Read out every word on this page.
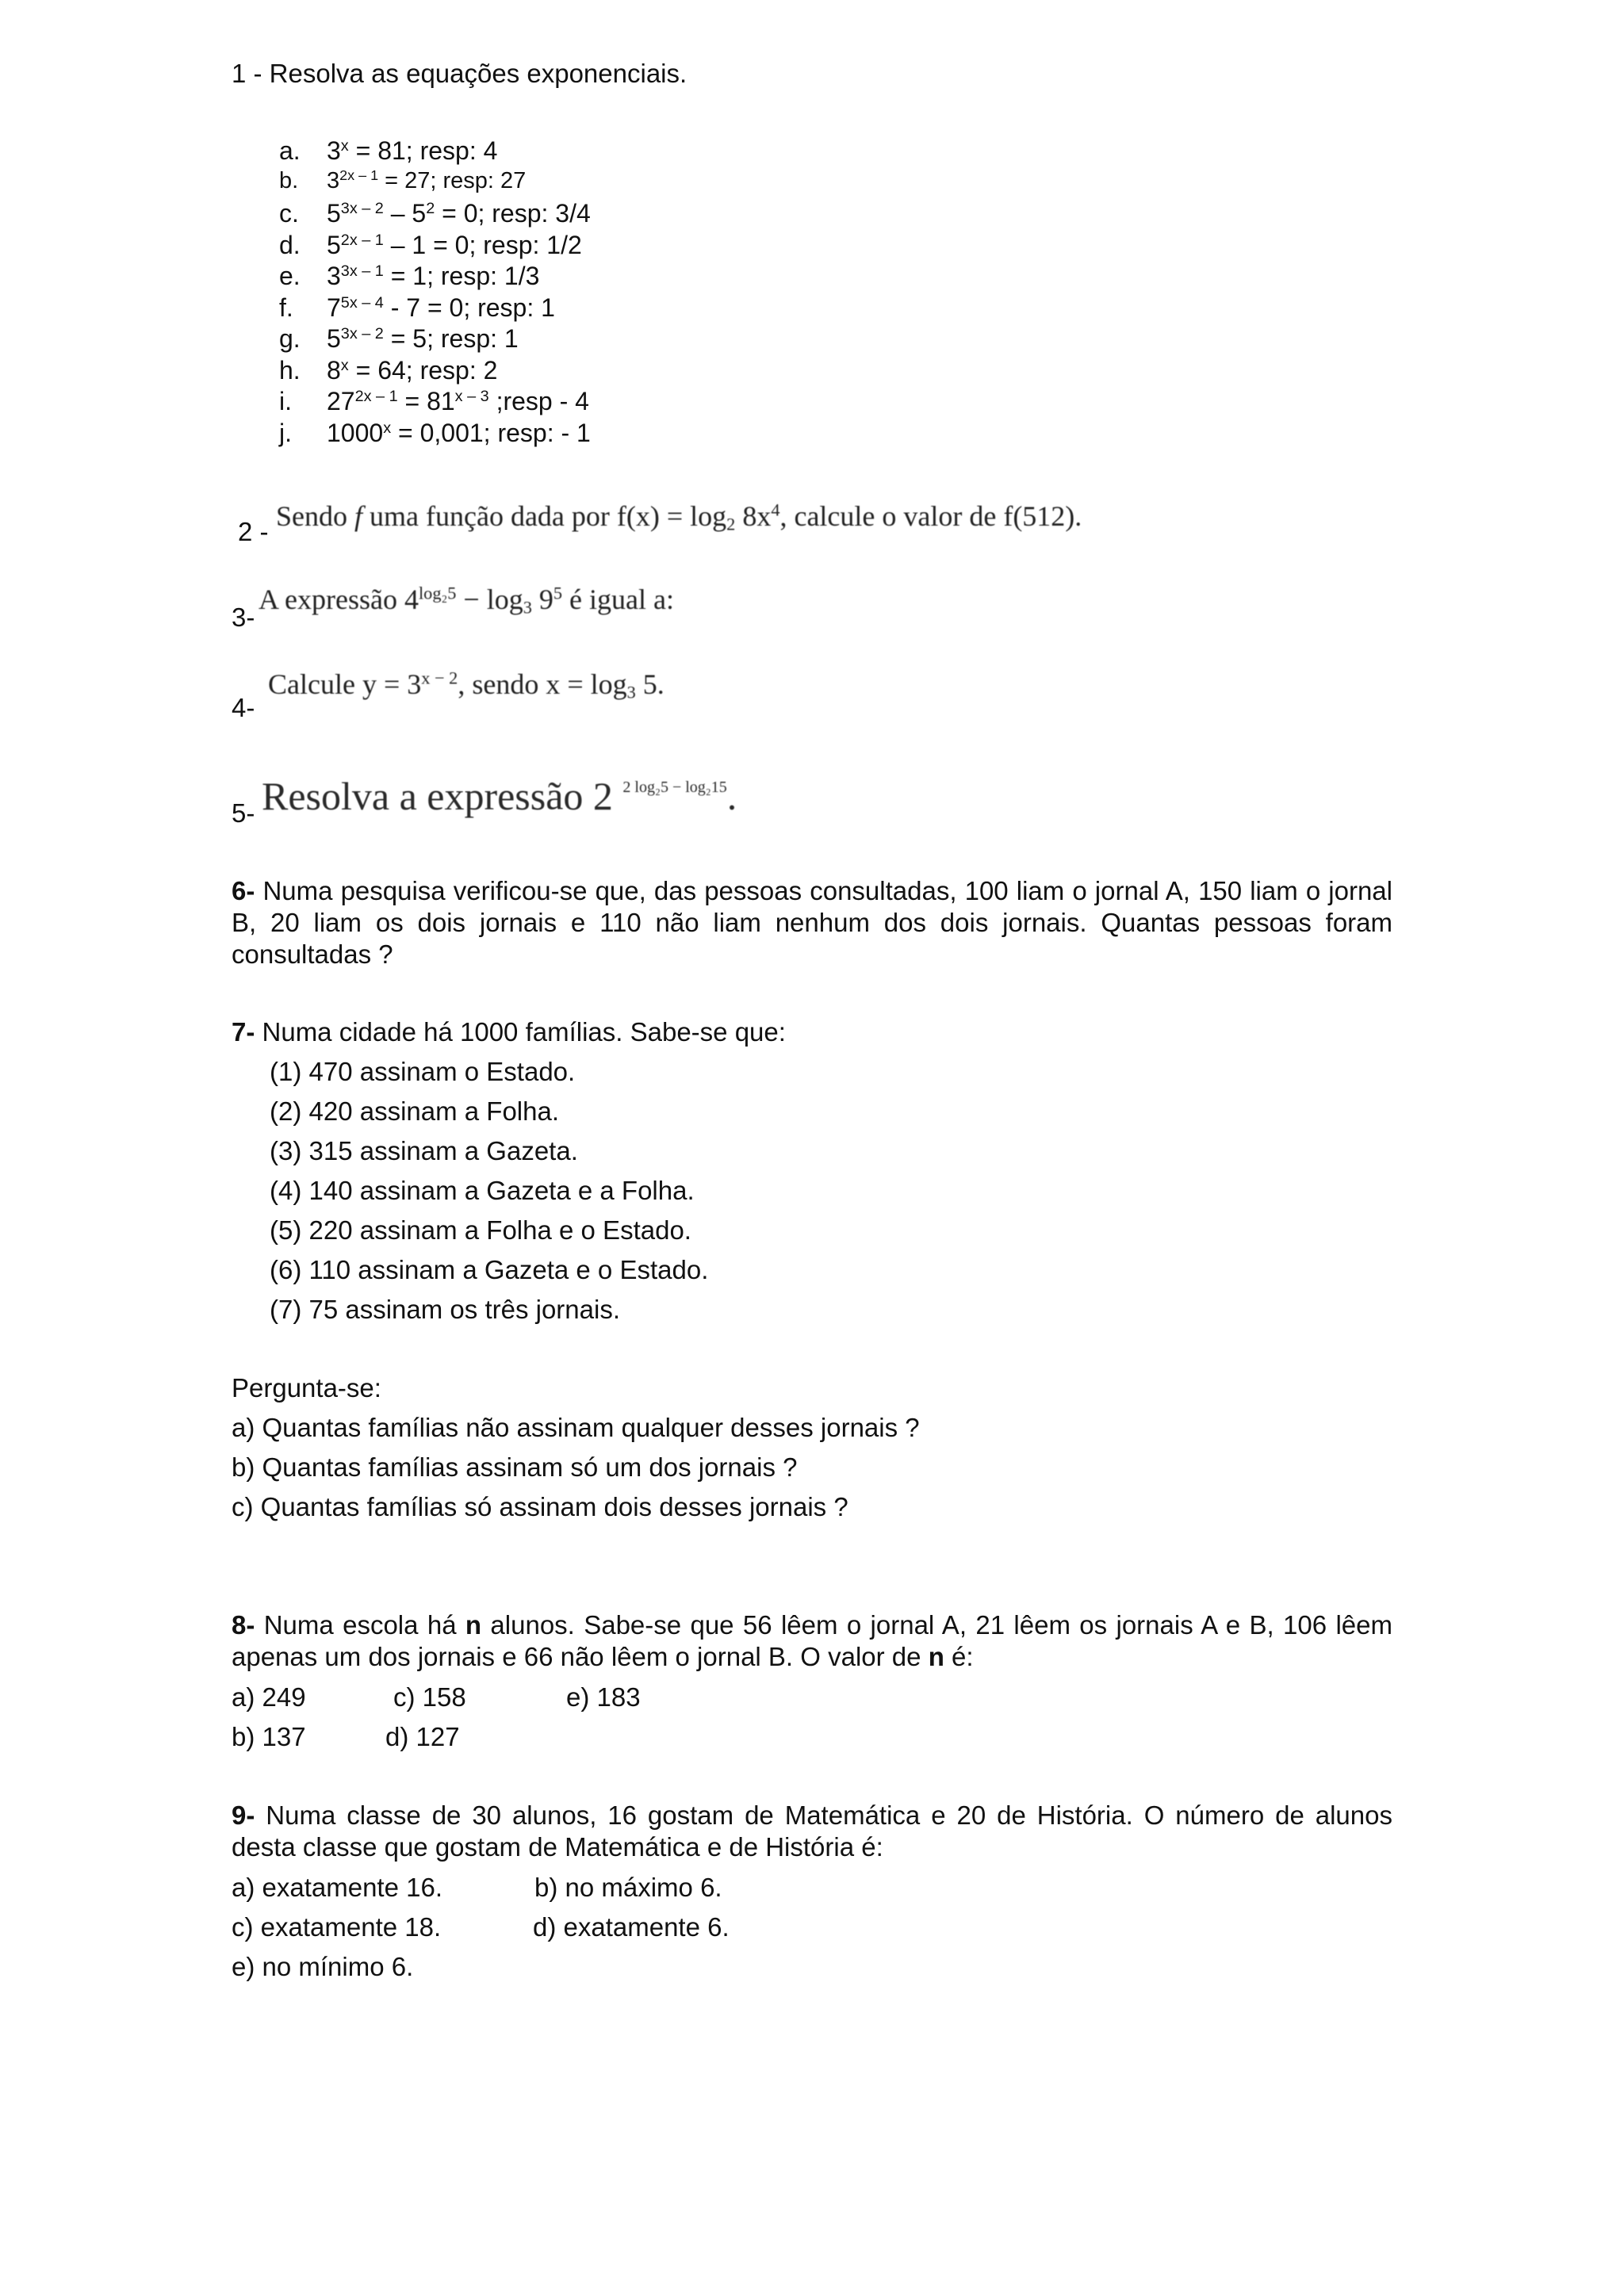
1 - Resolva as equações exponenciais.
a. $3^x = 81$; resp: 4
b. $3^{2x - 1} = 27$; resp: 27
c. $5^{3x - 2} - 5^2 = 0$; resp: 3/4
d. $5^{2x - 1} - 1 = 0$; resp: 1/2
e. $3^{3x - 1} = 1$; resp: 1/3
f. $7^{5x - 4} - 7 = 0$; resp: 1
g. $5^{3x - 2} = 5$; resp: 1
h. $8^x = 64$; resp: 2
i. $27^{2x - 1} = 81^{x - 3}$ ;resp - 4
j. $1000^x = 0,001$; resp: - 1
2 - Sendo f uma função dada por $f(x) = \log_2 8x^4$, calcule o valor de f(512).
3-
A expressão $4^{log_25} - \log_3 9^5$ é igual a:
4-
Calcule $y = 3^{x - 2}$, sendo $x = \log_3 5$.
5- Resolva a expressão 2 $^{2 log_25 - log_215}$.
6- Numa pesquisa verificou-se que, das pessoas consultadas, 100 liam o jornal A, 150 liam o jornal B, 20 liam os dois jornais e 110 não liam nenhum dos dois jornais. Quantas pessoas foram consultadas ?
7- Numa cidade há 1000 famílias. Sabe-se que:
(1) 470 assinam o Estado.
(2) 420 assinam a Folha.
(3) 315 assinam a Gazeta.
(4) 140 assinam a Gazeta e a Folha.
(5) 220 assinam a Folha e o Estado.
(6) 110 assinam a Gazeta e o Estado.
(7) 75 assinam os três jornais.
Pergunta-se:
a) Quantas famílias não assinam qualquer desses jornais ?
b) Quantas famílias assinam só um dos jornais ?
c) Quantas famílias só assinam dois desses jornais ?
8- Numa escola há n alunos. Sabe-se que 56 lêem o jornal A, 21 lêem os jornais A e B, 106 lêem apenas um dos jornais e 66 não lêem o jornal B. O valor de n é:
a) 249	c) 158	e) 183
b) 137	d) 127
9- Numa classe de 30 alunos, 16 gostam de Matemática e 20 de História. O número de alunos desta classe que gostam de Matemática e de História é:
a) exatamente 16.	b) no máximo 6.
c) exatamente 18.	d) exatamente 6.
e) no mínimo 6.
